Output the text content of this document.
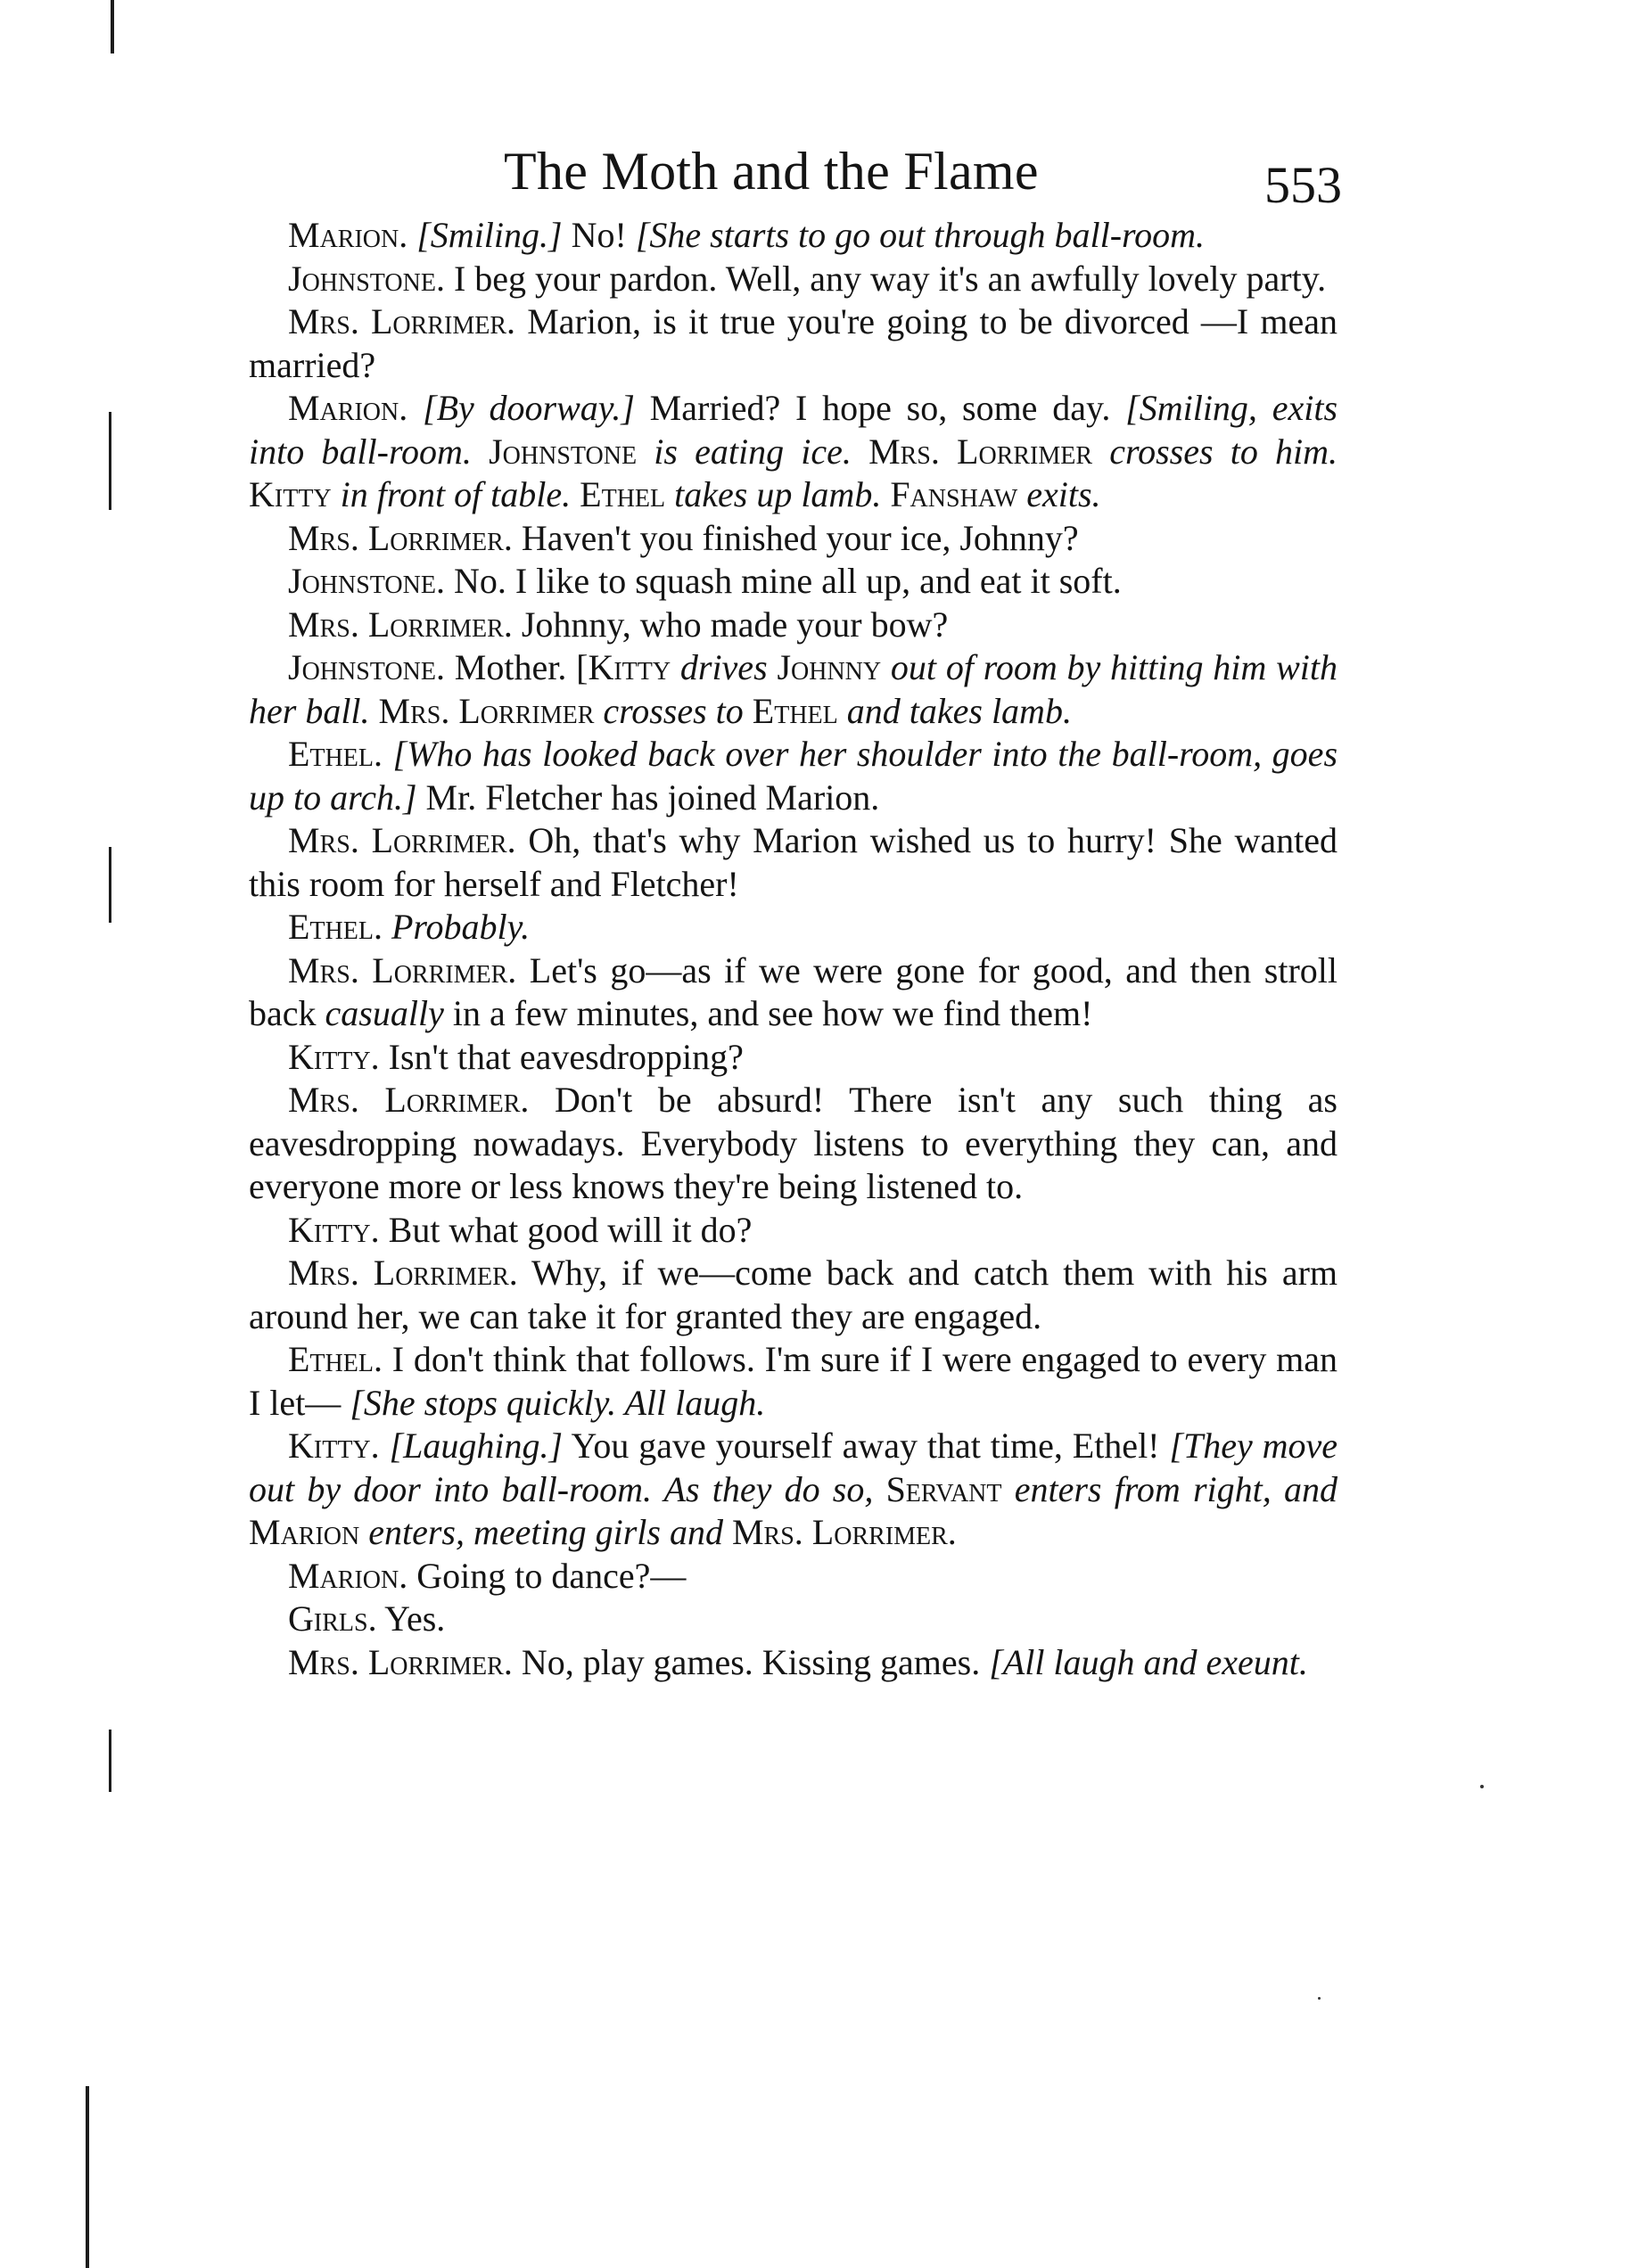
The Moth and the Flame	553

Marion. [Smiling.] No! [She starts to go out through ball-room.

Johnstone. I beg your pardon. Well, any way it's an awfully lovely party.

Mrs. Lorrimer. Marion, is it true you're going to be divorced —I mean married?

Marion. [By doorway.] Married? I hope so, some day. [Smiling, exits into ball-room. Johnstone is eating ice. Mrs. Lorrimer crosses to him. Kitty in front of table. Ethel takes up lamb. Fanshaw exits.

Mrs. Lorrimer. Haven't you finished your ice, Johnny?

Johnstone. No. I like to squash mine all up, and eat it soft.

Mrs. Lorrimer. Johnny, who made your bow?

Johnstone. Mother. [Kitty drives Johnny out of room by hitting him with her ball. Mrs. Lorrimer crosses to Ethel and takes lamb.

Ethel. [Who has looked back over her shoulder into the ball-room, goes up to arch.] Mr. Fletcher has joined Marion.

Mrs. Lorrimer. Oh, that's why Marion wished us to hurry! She wanted this room for herself and Fletcher!

Ethel. Probably.

Mrs. Lorrimer. Let's go—as if we were gone for good, and then stroll back casually in a few minutes, and see how we find them!

Kitty. Isn't that eavesdropping?

Mrs. Lorrimer. Don't be absurd! There isn't any such thing as eavesdropping nowadays. Everybody listens to everything they can, and everyone more or less knows they're being listened to.

Kitty. But what good will it do?

Mrs. Lorrimer. Why, if we—come back and catch them with his arm around her, we can take it for granted they are engaged.

Ethel. I don't think that follows. I'm sure if I were engaged to every man I let— [She stops quickly. All laugh.

Kitty. [Laughing.] You gave yourself away that time, Ethel! [They move out by door into ball-room. As they do so, Servant enters from right, and Marion enters, meeting girls and Mrs. Lorrimer.

Marion. Going to dance?—

Girls. Yes.

Mrs. Lorrimer. No, play games. Kissing games. [All laugh and exeunt.
